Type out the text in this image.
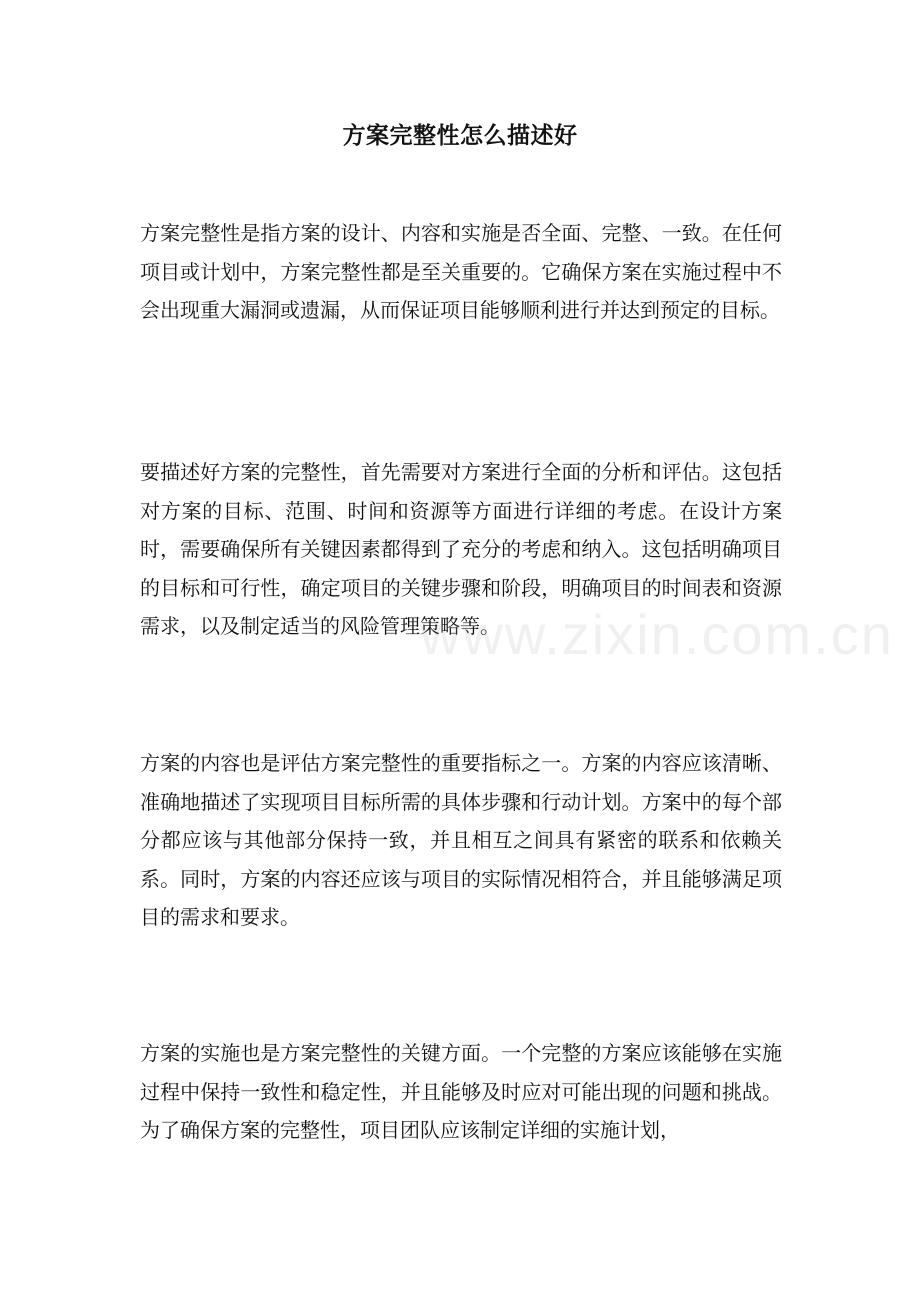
方案完整性怎么描述好

方案完整性是指方案的设计、内容和实施是否全面、完整、一致。在任何项目或计划中，方案完整性都是至关重要的。它确保方案在实施过程中不会出现重大漏洞或遗漏，从而保证项目能够顺利进行并达到预定的目标。

要描述好方案的完整性，首先需要对方案进行全面的分析和评估。这包括对方案的目标、范围、时间和资源等方面进行详细的考虑。在设计方案时，需要确保所有关键因素都得到了充分的考虑和纳入。这包括明确项目的目标和可行性，确定项目的关键步骤和阶段，明确项目的时间表和资源需求，以及制定适当的风险管理策略等。

方案的内容也是评估方案完整性的重要指标之一。方案的内容应该清晰、准确地描述了实现项目目标所需的具体步骤和行动计划。方案中的每个部分都应该与其他部分保持一致，并且相互之间具有紧密的联系和依赖关系。同时，方案的内容还应该与项目的实际情况相符合，并且能够满足项目的需求和要求。

方案的实施也是方案完整性的关键方面。一个完整的方案应该能够在实施过程中保持一致性和稳定性，并且能够及时应对可能出现的问题和挑战。为了确保方案的完整性，项目团队应该制定详细的实施计划，

www.zixin.com.cn
